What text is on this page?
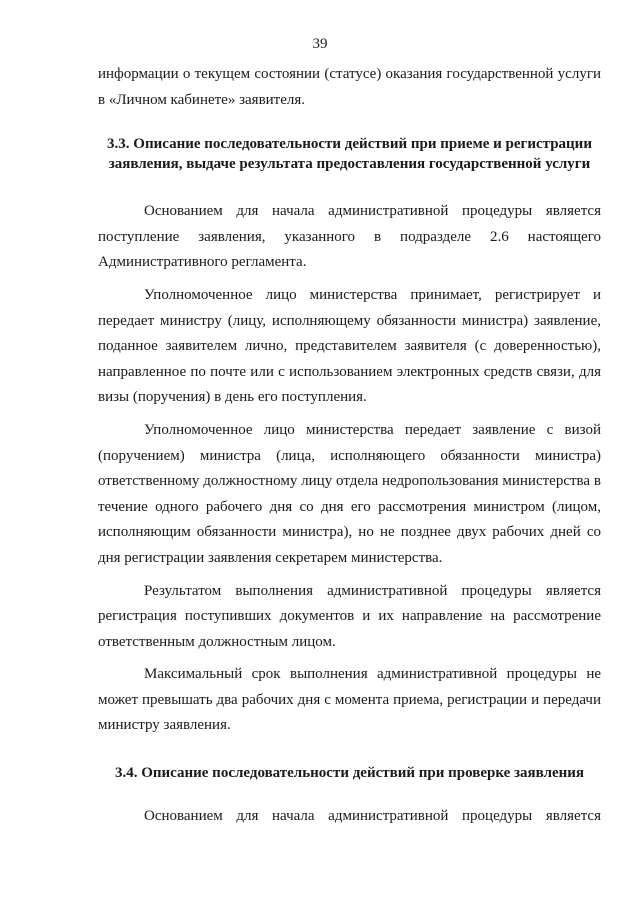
39

информации о текущем состоянии (статусе) оказания государственной услуги в «Личном кабинете» заявителя.

3.3. Описание последовательности действий при приеме и регистрации заявления, выдаче результата предоставления государственной услуги

Основанием для начала административной процедуры является поступление заявления, указанного в подразделе 2.6 настоящего Административного регламента.

Уполномоченное лицо министерства принимает, регистрирует и передает министру (лицу, исполняющему обязанности министра) заявление, поданное заявителем лично, представителем заявителя (с доверенностью), направленное по почте или с использованием электронных средств связи, для визы (поручения) в день его поступления.

Уполномоченное лицо министерства передает заявление с визой (поручением) министра (лица, исполняющего обязанности министра) ответственному должностному лицу отдела недропользования министерства в течение одного рабочего дня со дня его рассмотрения министром (лицом, исполняющим обязанности министра), но не позднее двух рабочих дней со дня регистрации заявления секретарем министерства.

Результатом выполнения административной процедуры является регистрация поступивших документов и их направление на рассмотрение ответственным должностным лицом.

Максимальный срок выполнения административной процедуры не может превышать два рабочих дня с момента приема, регистрации и передачи министру заявления.

3.4. Описание последовательности действий при проверке заявления

Основанием для начала административной процедуры является
